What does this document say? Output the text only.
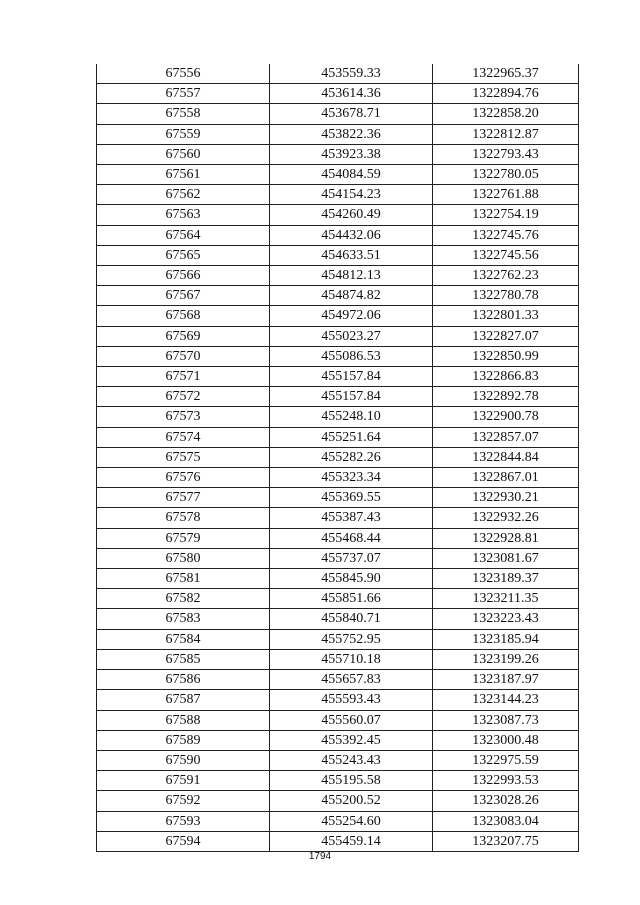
67556	453559.33	1322965.37
67557	453614.36	1322894.76
67558	453678.71	1322858.20
67559	453822.36	1322812.87
67560	453923.38	1322793.43
67561	454084.59	1322780.05
67562	454154.23	1322761.88
67563	454260.49	1322754.19
67564	454432.06	1322745.76
67565	454633.51	1322745.56
67566	454812.13	1322762.23
67567	454874.82	1322780.78
67568	454972.06	1322801.33
67569	455023.27	1322827.07
67570	455086.53	1322850.99
67571	455157.84	1322866.83
67572	455157.84	1322892.78
67573	455248.10	1322900.78
67574	455251.64	1322857.07
67575	455282.26	1322844.84
67576	455323.34	1322867.01
67577	455369.55	1322930.21
67578	455387.43	1322932.26
67579	455468.44	1322928.81
67580	455737.07	1323081.67
67581	455845.90	1323189.37
67582	455851.66	1323211.35
67583	455840.71	1323223.43
67584	455752.95	1323185.94
67585	455710.18	1323199.26
67586	455657.83	1323187.97
67587	455593.43	1323144.23
67588	455560.07	1323087.73
67589	455392.45	1323000.48
67590	455243.43	1322975.59
67591	455195.58	1322993.53
67592	455200.52	1323028.26
67593	455254.60	1323083.04
67594	455459.14	1323207.75
1794
